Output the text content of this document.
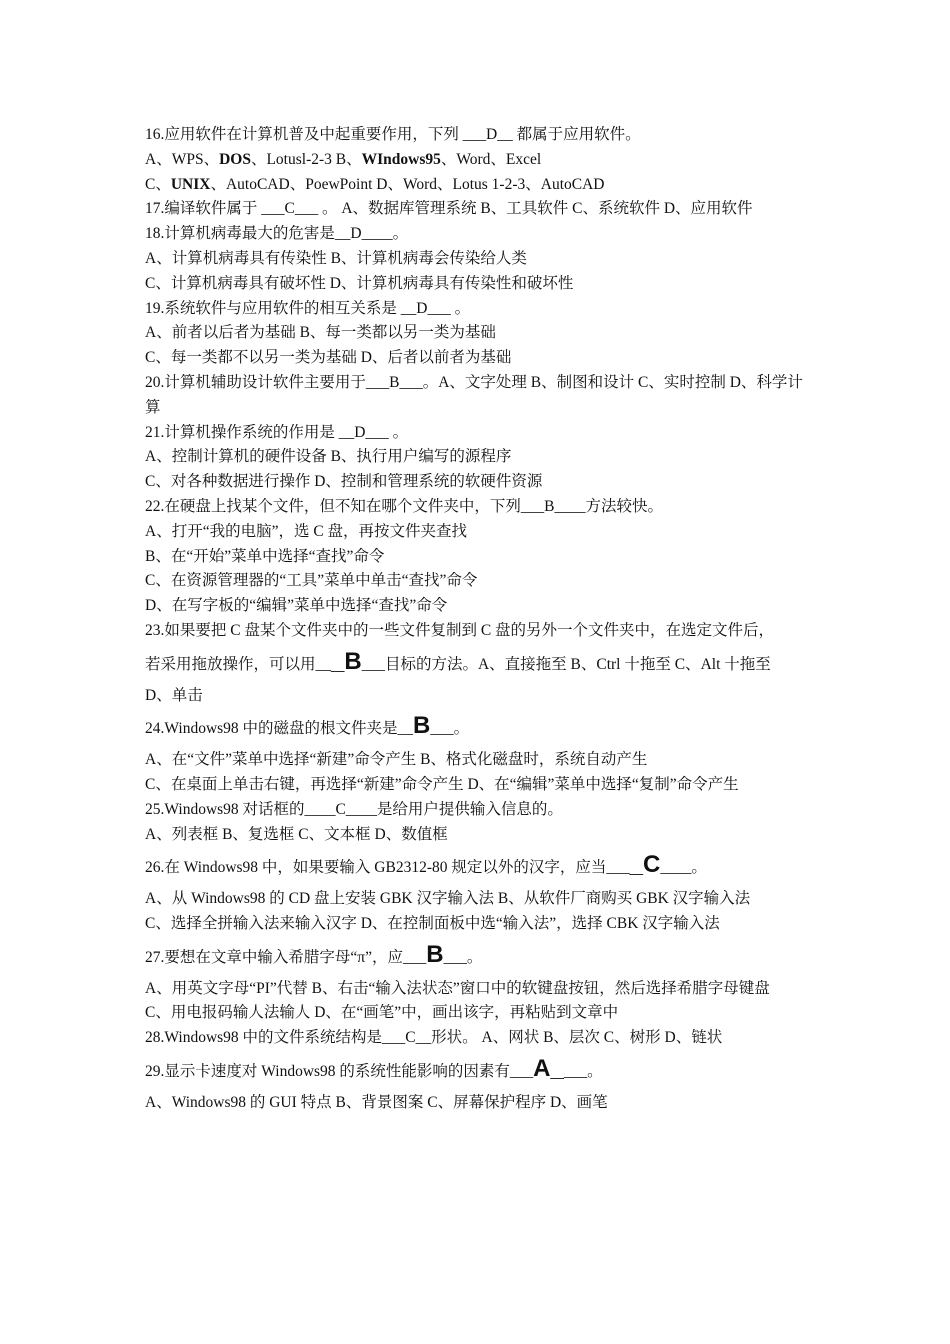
16.应用软件在计算机普及中起重要作用，下列 ___D__ 都属于应用软件。
A、WPS、DOS、Lotusl-2-3 B、WIndows95、Word、Excel
C、UNIX、AutoCAD、PoewPoint D、Word、Lotus 1-2-3、AutoCAD
17.编译软件属于 ___C___ 。 A、数据库管理系统 B、工具软件 C、系统软件 D、应用软件
18.计算机病毒最大的危害是__D____。
A、计算机病毒具有传染性 B、计算机病毒会传染给人类
C、计算机病毒具有破坏性 D、计算机病毒具有传染性和破坏性
19.系统软件与应用软件的相互关系是 __D___ 。
A、前者以后者为基础 B、每一类都以另一类为基础
C、每一类都不以另一类为基础 D、后者以前者为基础
20.计算机辅助设计软件主要用于___B___。A、文字处理 B、制图和设计 C、实时控制 D、科学计算
21.计算机操作系统的作用是 __D___ 。
A、控制计算机的硬件设备 B、执行用户编写的源程序
C、对各种数据进行操作 D、控制和管理系统的软硬件资源
22.在硬盘上找某个文件，但不知在哪个文件夹中，下列___B____方法较快。
A、打开“我的电脑”，选 C 盘，再按文件夹查找
B、在“开始”菜单中选择“查找”命令
C、在资源管理器的“工具”菜单中单击“查找”命令
D、在写字板的“编辑”菜单中选择“查找”命令
23.如果要把 C 盘某个文件夹中的一些文件复制到 C 盘的另外一个文件夹中，在选定文件后，
若采用拖放操作，可以用___B___目标的方法。A、直接拖至 B、Ctrl 十拖至 C、Alt 十拖至
D、单击
24.Windows98 中的磁盘的根文件夹是__B___。
A、在“文件”菜单中选择“新建”命令产生 B、格式化磁盘时，系统自动产生
C、在桌面上单击右键，再选择“新建”命令产生 D、在“编辑”菜单中选择“复制”命令产生
25.Windows98 对话框的____C____是给用户提供输入信息的。
A、列表框 B、复选框 C、文本框 D、数值框
26.在 Windows98 中，如果要输入 GB2312-80 规定以外的汉字，应当____C____。
A、从 Windows98 的 CD 盘上安装 GBK 汉字输入法 B、从软件厂商购买 GBK 汉字输入法
C、选择全拼输入法来输入汉字 D、在控制面板中选“输入法”，选择 CBK 汉字输入法
27.要想在文章中输入希腊字母“π”，应___B___。
A、用英文字母“PI”代替 B、右击“输入法状态”窗口中的软键盘按钮，然后选择希腊字母键盘
C、用电报码输人法输人 D、在“画笔”中，画出该字，再粘贴到文章中
28.Windows98 中的文件系统结构是___C__形状。 A、网状 B、层次 C、树形 D、链状
29.显示卡速度对 Windows98 的系统性能影响的因素有___A____。
A、Windows98 的 GUI 特点 B、背景图案 C、屏幕保护程序 D、画笔
